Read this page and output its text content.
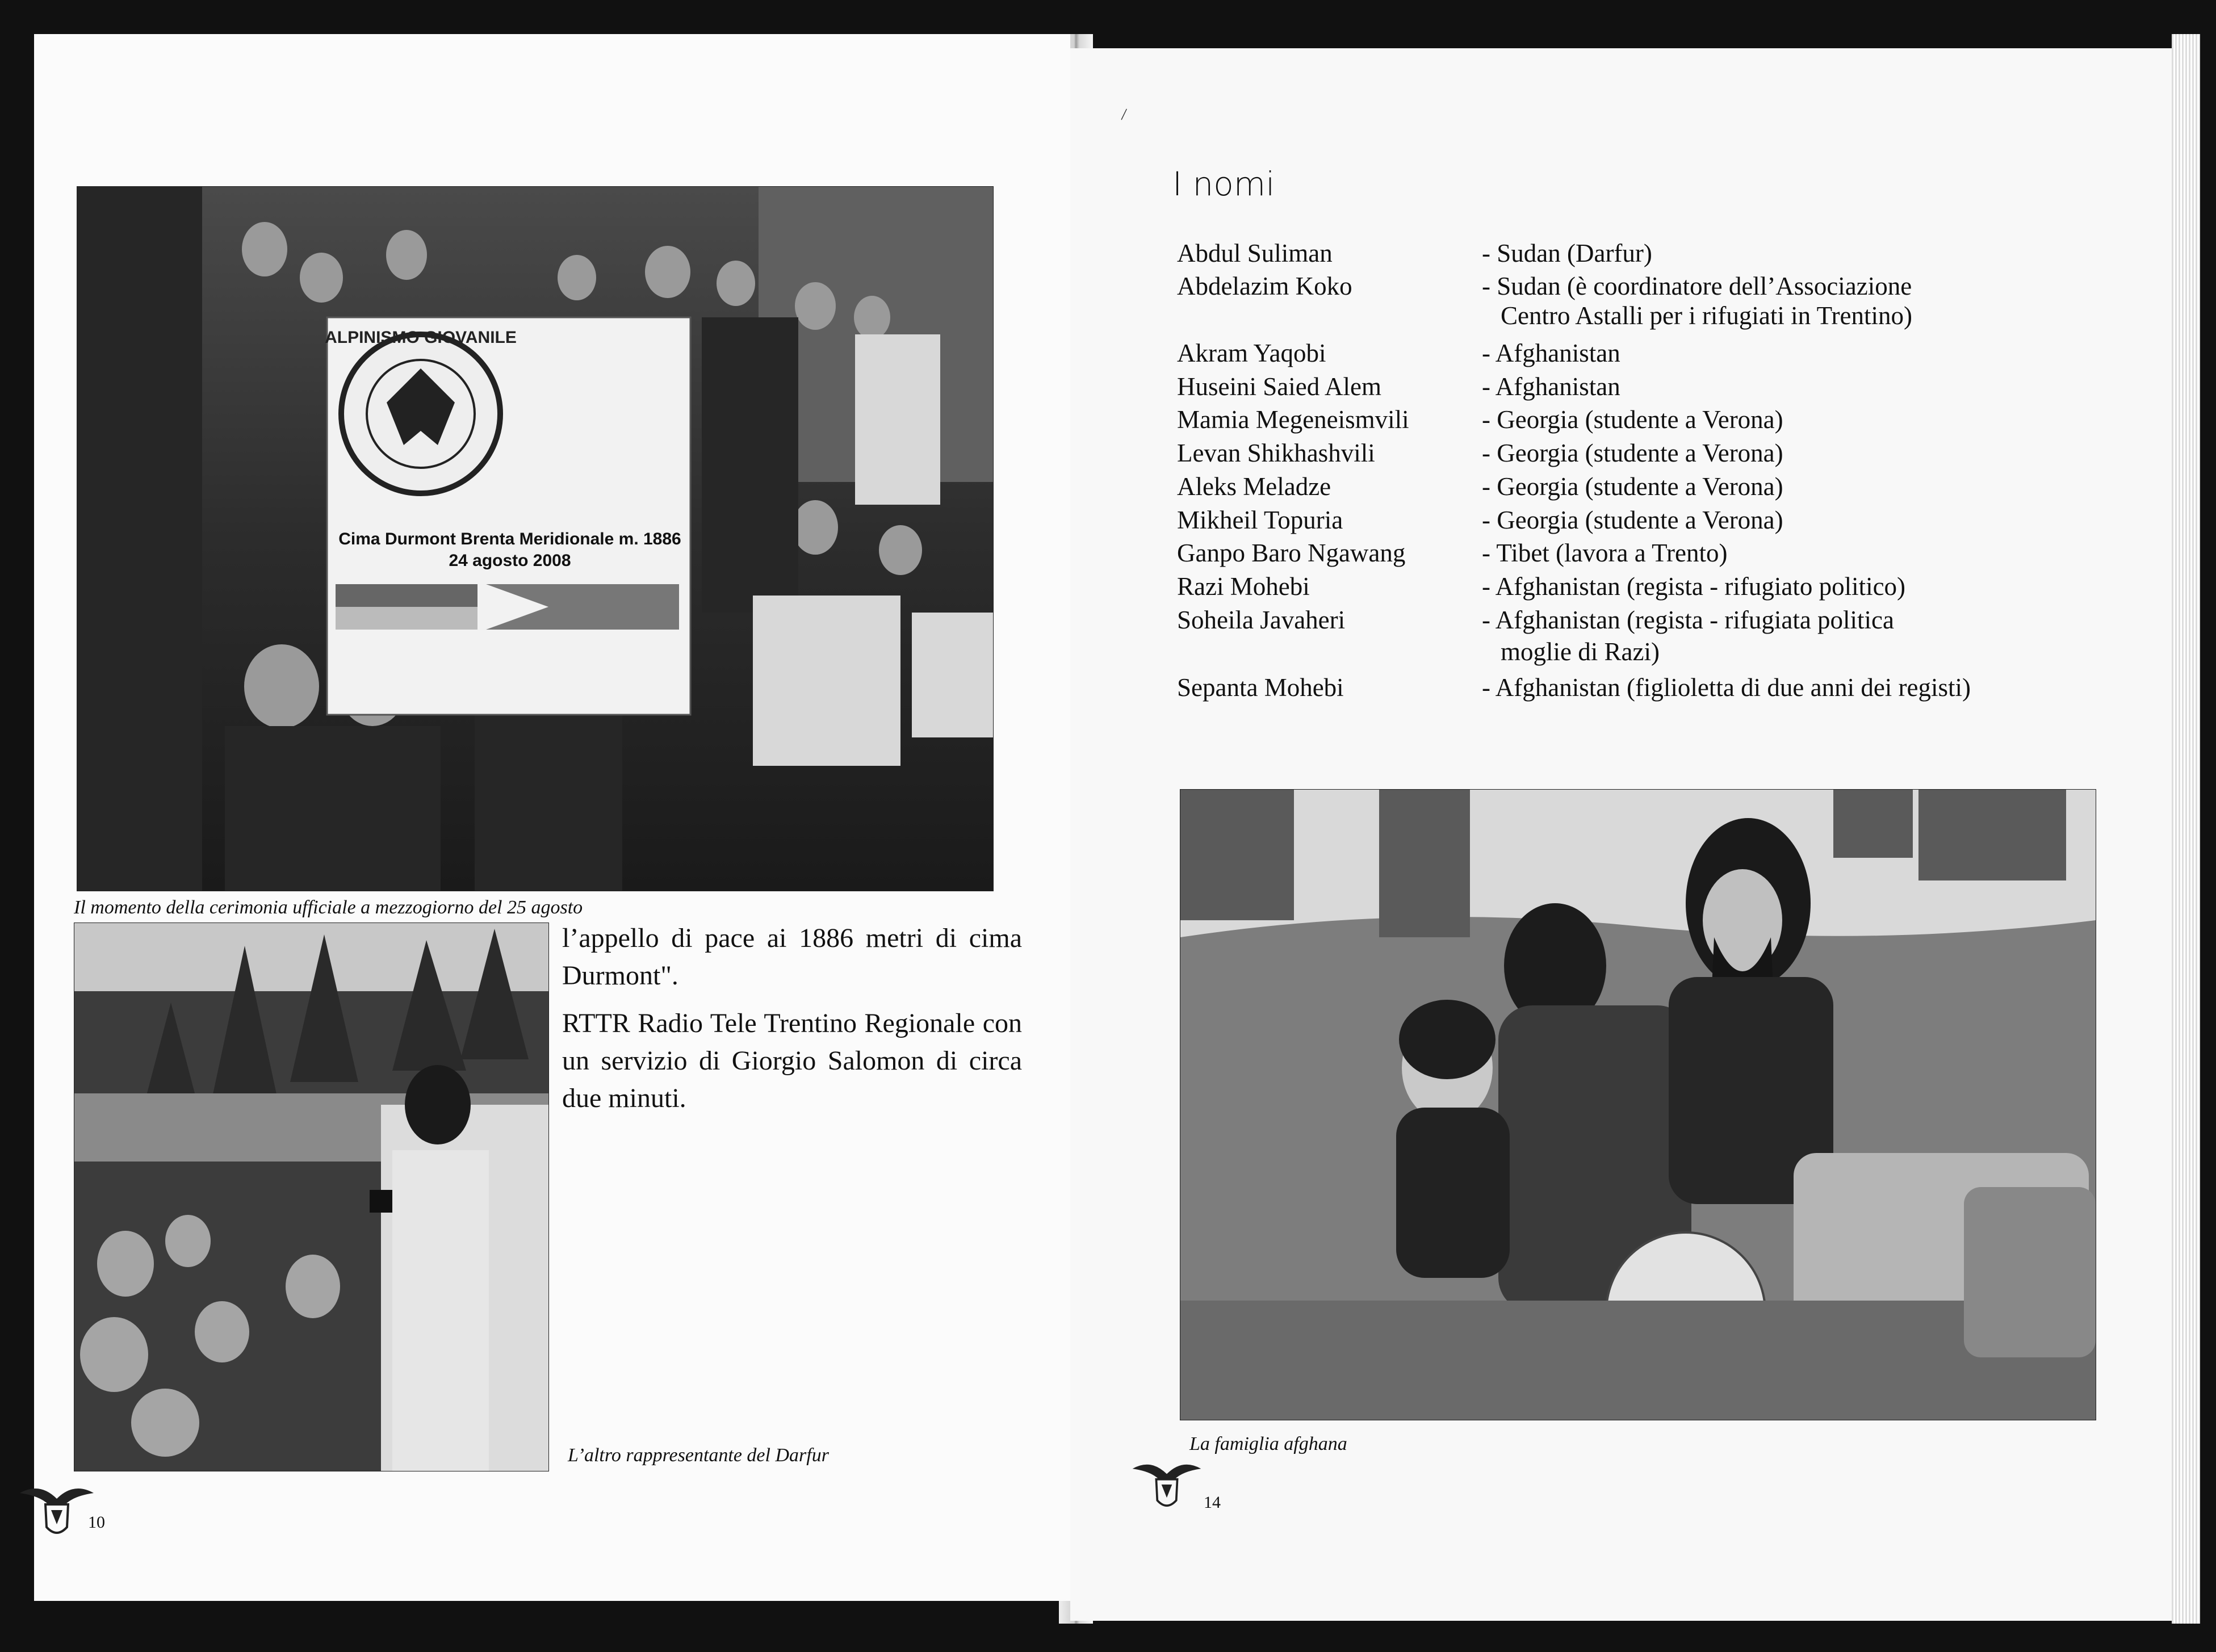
ALPINISMO GIOVANILE
Cima Durmont Brenta Meridionale m. 1886
24 agosto 2008
Il momento della cerimonia ufficiale a mezzogiorno del 25 agosto
L’altro rappresentante del Darfur

l’appello di pace ai 1886 metri di cima Durmont".

RTTR Radio Tele Trentino Regionale con un servizio di Giorgio Salomon di circa due minuti.

10
\
I nomi
Abdul Suliman	- Sudan (Darfur)
Abdelazim Koko	- Sudan (è coordinatore dell’Associazione
Centro Astalli per i rifugiati in Trentino)
Akram Yaqobi	- Afghanistan
Huseini Saied Alem	- Afghanistan
Mamia Megeneismvili	- Georgia (studente a Verona)
Levan Shikhashvili	- Georgia (studente a Verona)
Aleks Meladze	- Georgia (studente a Verona)
Mikheil Topuria	- Georgia (studente a Verona)
Ganpo Baro Ngawang	- Tibet (lavora a Trento)
Razi Mohebi	- Afghanistan (regista - rifugiato politico)
Soheila Javaheri	- Afghanistan (regista - rifugiata politica
moglie di Razi)
Sepanta Mohebi	- Afghanistan (figlioletta di due anni dei registi)
La famiglia afghana
14
